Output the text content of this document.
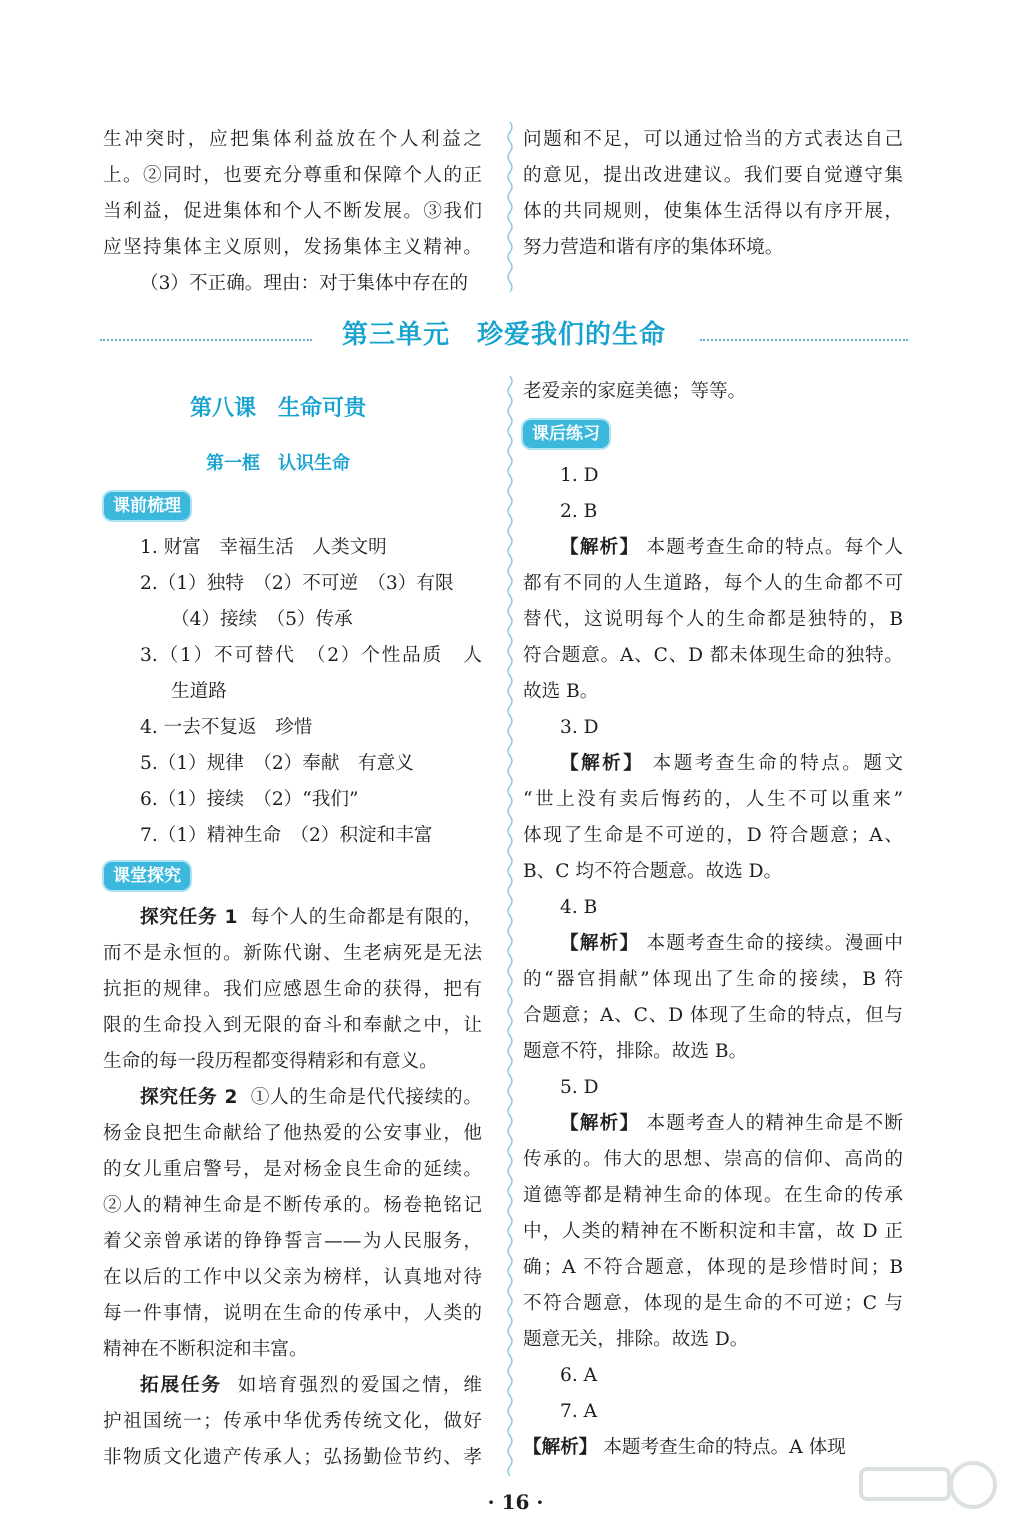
生冲突时，应把集体利益放在个人利益之

上。②同时，也要充分尊重和保障个人的正

当利益，促进集体和个人不断发展。③我们

应坚持集体主义原则，发扬集体主义精神。

（3）不正确。理由：对于集体中存在的

问题和不足，可以通过恰当的方式表达自己

的意见，提出改进建议。我们要自觉遵守集

体的共同规则，使集体生活得以有序开展，

努力营造和谐有序的集体环境。

第三单元　珍爱我们的生命
第八课　生命可贵
第一框　认识生命
课前梳理

1. 财富　幸福生活　人类文明

2.（1）独特　（2）不可逆　（3）有限

（4）接续　（5）传承

3.（1）不可替代　（2）个性品质　人

生道路

4. 一去不复返　珍惜

5.（1）规律　（2）奉献　有意义

6.（1）接续　（2）“我们”

7.（1）精神生命　（2）积淀和丰富

课堂探究

探究任务 1 每个人的生命都是有限的，

而不是永恒的。新陈代谢、生老病死是无法

抗拒的规律。我们应感恩生命的获得，把有

限的生命投入到无限的奋斗和奉献之中，让

生命的每一段历程都变得精彩和有意义。

探究任务 2 ①人的生命是代代接续的。

杨金良把生命献给了他热爱的公安事业，他

的女儿重启警号，是对杨金良生命的延续。

②人的精神生命是不断传承的。杨卷艳铭记

着父亲曾承诺的铮铮誓言——为人民服务，

在以后的工作中以父亲为榜样，认真地对待

每一件事情，说明在生命的传承中，人类的

精神在不断积淀和丰富。

拓展任务 如培育强烈的爱国之情，维

护祖国统一；传承中华优秀传统文化，做好

非物质文化遗产传承人；弘扬勤俭节约、孝

老爱亲的家庭美德；等等。

课后练习

1. D

2. B

【解析】 本题考查生命的特点。每个人

都有不同的人生道路，每个人的生命都不可

替代，这说明每个人的生命都是独特的，B

符合题意。A、C、D 都未体现生命的独特。

故选 B。

3. D

【解析】 本题考查生命的特点。题文

“世上没有卖后悔药的，人生不可以重来”

体现了生命是不可逆的，D 符合题意；A、

B、C 均不符合题意。故选 D。

4. B

【解析】 本题考查生命的接续。漫画中

的“器官捐献”体现出了生命的接续，B 符

合题意；A、C、D 体现了生命的特点，但与

题意不符，排除。故选 B。

5. D

【解析】 本题考查人的精神生命是不断

传承的。伟大的思想、崇高的信仰、高尚的

道德等都是精神生命的体现。在生命的传承

中，人类的精神在不断积淀和丰富，故 D 正

确；A 不符合题意，体现的是珍惜时间；B

不符合题意，体现的是生命的不可逆；C 与

题意无关，排除。故选 D。

6. A

7. A

【解析】 本题考查生命的特点。A 体现

· 16 ·
